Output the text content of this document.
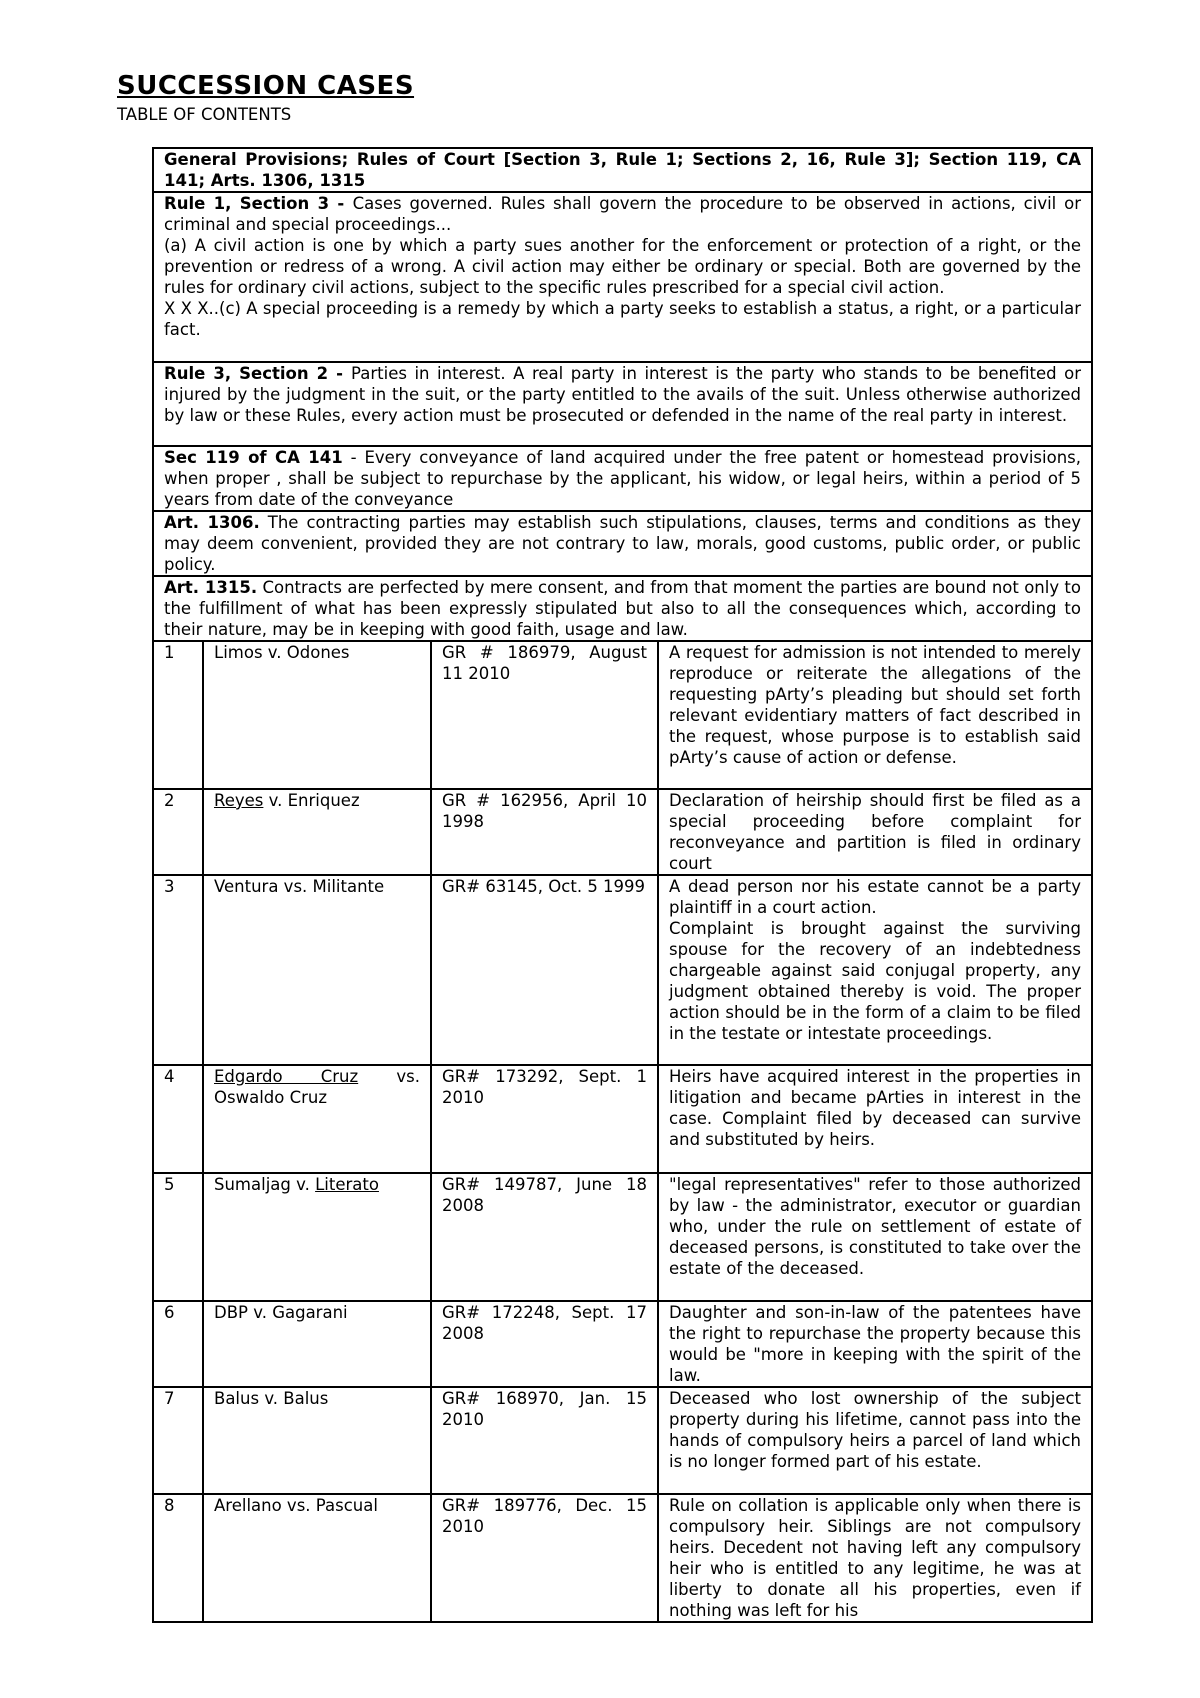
SUCCESSION CASES
TABLE OF CONTENTS
General Provisions; Rules of Court [Section 3, Rule 1; Sections 2, 16, Rule 3]; Section 119, CA 141; Arts. 1306, 1315			

Rule 1, Section 3 - Cases governed. Rules shall govern the procedure to be observed in actions, civil or criminal and special proceedings...

(a) A civil action is one by which a party sues another for the enforcement or protection of a right, or the prevention or redress of a wrong. A civil action may either be ordinary or special. Both are governed by the rules for ordinary civil actions, subject to the specific rules prescribed for a special civil action.

X X X..(c) A special proceeding is a remedy by which a party seeks to establish a status, a right, or a particular fact.			

Rule 3, Section 2 - Parties in interest. A real party in interest is the party who stands to be benefited or injured by the judgment in the suit, or the party entitled to the avails of the suit. Unless otherwise authorized by law or these Rules, every action must be prosecuted or defended in the name of the real party in interest.			
Sec 119 of CA 141 - Every conveyance of land acquired under the free patent or homestead provisions, when proper , shall be subject to repurchase by the applicant, his widow, or legal heirs, within a period of 5 years from date of the conveyance			
Art. 1306. The contracting parties may establish such stipulations, clauses, terms and conditions as they may deem convenient, provided they are not contrary to law, morals, good customs, public order, or public policy.			
Art. 1315. Contracts are perfected by mere consent, and from that moment the parties are bound not only to the fulfillment of what has been expressly stipulated but also to all the consequences which, according to their nature, may be in keeping with good faith, usage and law.			
1	Limos v. Odones	GR # 186979, August 11 2010	A request for admission is not intended to merely reproduce or reiterate the allegations of the requesting pArty’s pleading but should set forth relevant evidentiary matters of fact described in the request, whose purpose is to establish said pArty’s cause of action or defense.
2	Reyes v. Enriquez	GR # 162956, April 10 1998	Declaration of heirship should first be filed as a special proceeding before complaint for reconveyance and partition is filed in ordinary court
3	Ventura vs. Militante	GR# 63145, Oct. 5 1999	A dead person nor his estate cannot be a party plaintiff in a court action.

Complaint is brought against the surviving spouse for the recovery of an indebtedness chargeable against said conjugal property, any judgment obtained thereby is void. The proper action should be in the form of a claim to be filed in the testate or intestate proceedings.

4	Edgardo Cruz vs. Oswaldo Cruz	GR# 173292, Sept. 1 2010	Heirs have acquired interest in the properties in litigation and became pArties in interest in the case. Complaint filed by deceased can survive and substituted by heirs.
5	Sumaljag v. Literato	GR# 149787, June 18 2008	"legal representatives" refer to those authorized by law - the administrator, executor or guardian who, under the rule on settlement of estate of deceased persons, is constituted to take over the estate of the deceased.
6	DBP v. Gagarani	GR# 172248, Sept. 17 2008	Daughter and son-in-law of the patentees have the right to repurchase the property because this would be "more in keeping with the spirit of the law.
7	Balus v. Balus	GR# 168970, Jan. 15 2010	Deceased who lost ownership of the subject property during his lifetime, cannot pass into the hands of compulsory heirs a parcel of land which is no longer formed part of his estate.
8	Arellano vs. Pascual	GR# 189776, Dec. 15 2010	Rule on collation is applicable only when there is compulsory heir. Siblings are not compulsory heirs. Decedent not having left any compulsory heir who is entitled to any legitime, he was at liberty to donate all his properties, even if nothing was left for his
